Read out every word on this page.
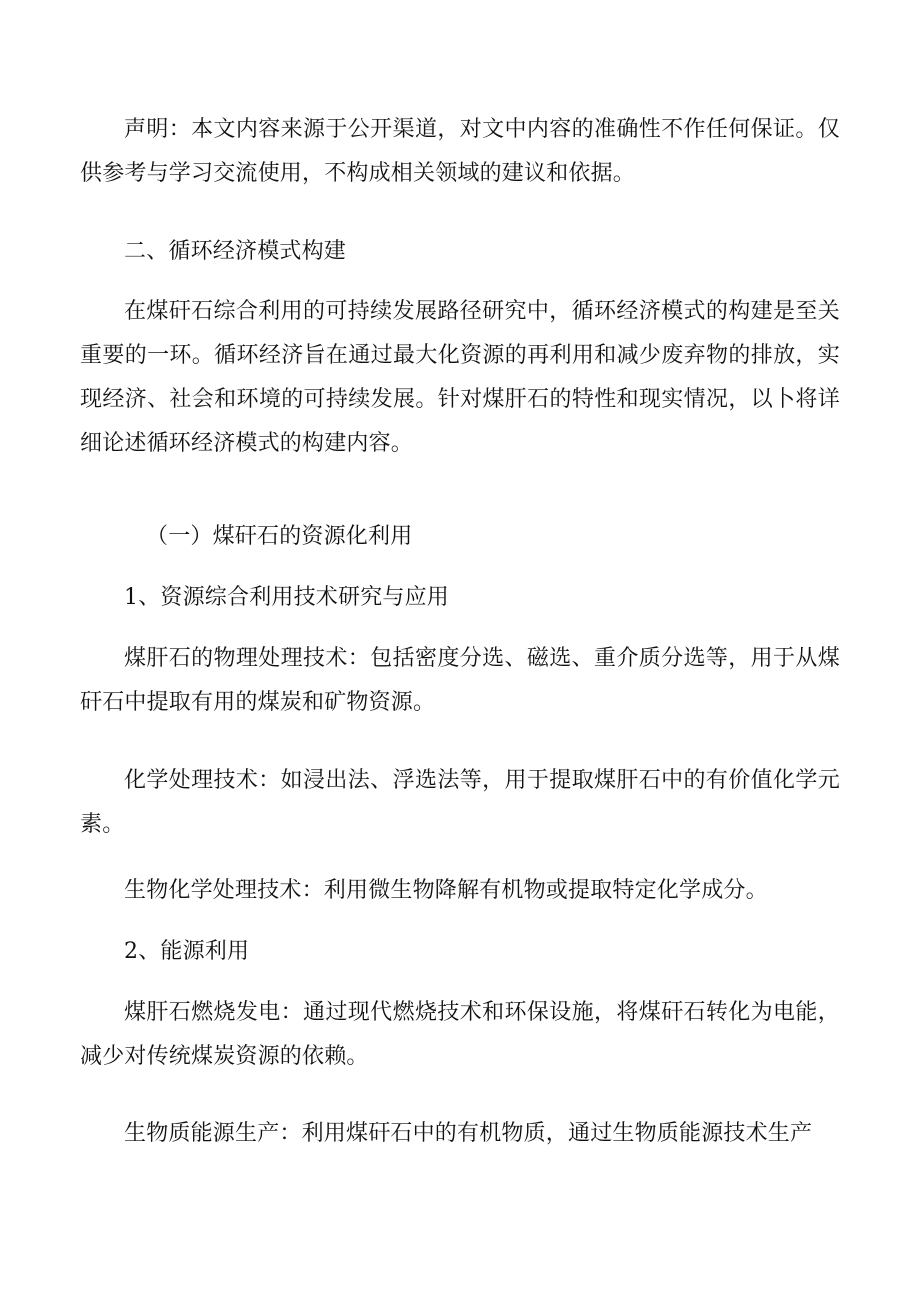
声明：本文内容来源于公开渠道，对文中内容的准确性不作任何保证。仅供参考与学习交流使用，不构成相关领域的建议和依据。

二、循环经济模式构建

在煤矸石综合利用的可持续发展路径研究中，循环经济模式的构建是至关重要的一环。循环经济旨在通过最大化资源的再利用和减少废弃物的排放，实现经济、社会和环境的可持续发展。针对煤肝石的特性和现实情况，以卜将详细论述循环经济模式的构建内容。

（一）煤矸石的资源化利用

1、资源综合利用技术研究与应用

煤肝石的物理处理技术：包括密度分选、磁选、重介质分选等，用于从煤矸石中提取有用的煤炭和矿物资源。

化学处理技术：如浸出法、浮选法等，用于提取煤肝石中的有价值化学元素。

生物化学处理技术：利用微生物降解有机物或提取特定化学成分。

2、能源利用

煤肝石燃烧发电：通过现代燃烧技术和环保设施，将煤矸石转化为电能，减少对传统煤炭资源的依赖。

生物质能源生产：利用煤矸石中的有机物质，通过生物质能源技术生产
